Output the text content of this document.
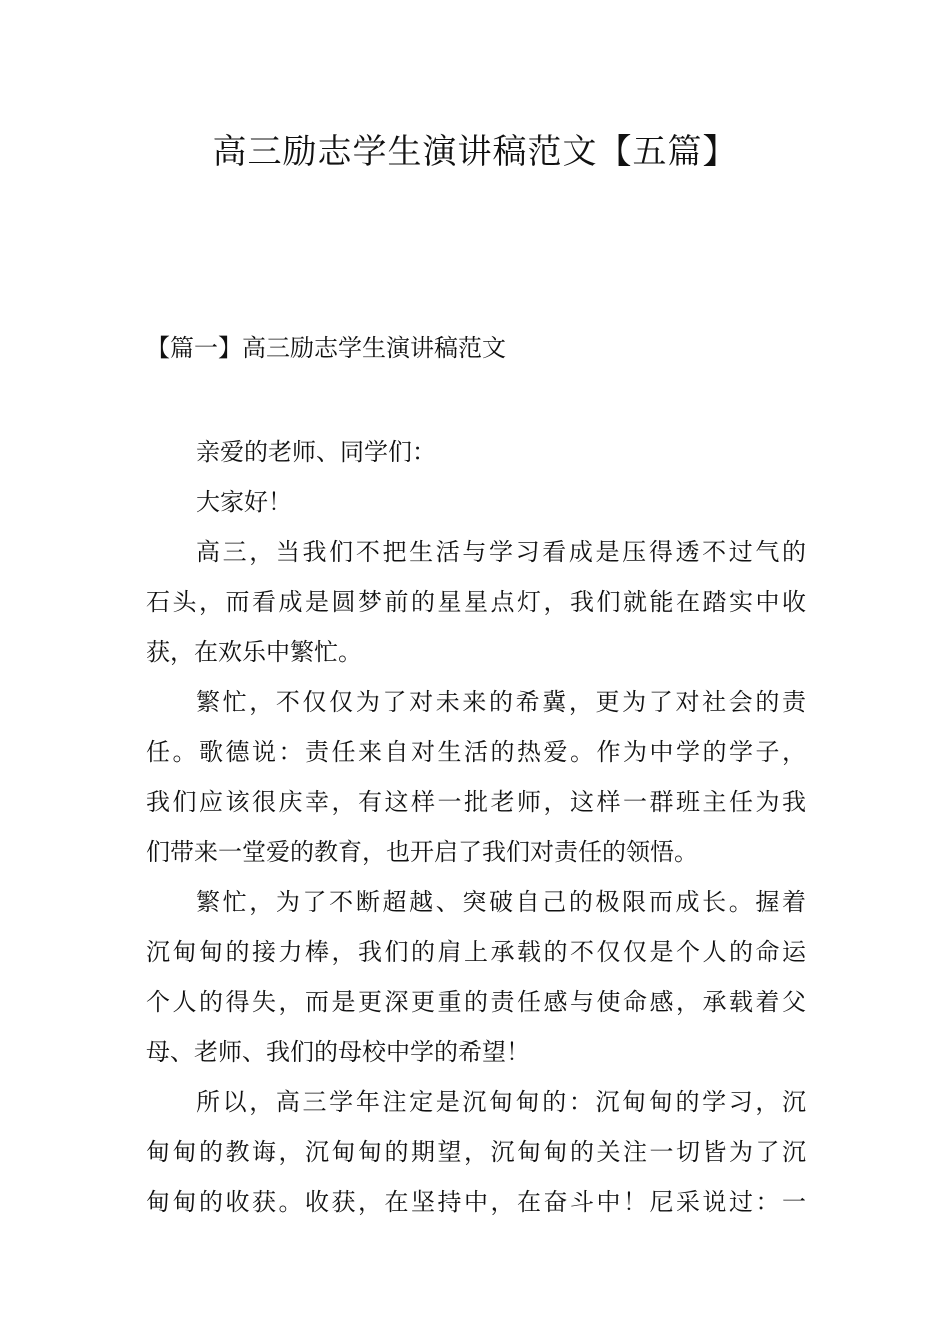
高三励志学生演讲稿范文【五篇】
【篇一】高三励志学生演讲稿范文
亲爱的老师、同学们：
大家好！
高三，当我们不把生活与学习看成是压得透不过气的
石头，而看成是圆梦前的星星点灯，我们就能在踏实中收
获，在欢乐中繁忙。
繁忙，不仅仅为了对未来的希冀，更为了对社会的责
任。歌德说：责任来自对生活的热爱。作为中学的学子，
我们应该很庆幸，有这样一批老师，这样一群班主任为我
们带来一堂爱的教育，也开启了我们对责任的领悟。
繁忙，为了不断超越、突破自己的极限而成长。握着
沉甸甸的接力棒，我们的肩上承载的不仅仅是个人的命运
个人的得失，而是更深更重的责任感与使命感，承载着父
母、老师、我们的母校中学的希望！
所以，高三学年注定是沉甸甸的：沉甸甸的学习，沉
甸甸的教诲，沉甸甸的期望，沉甸甸的关注一切皆为了沉
甸甸的收获。收获，在坚持中，在奋斗中！尼采说过：一
